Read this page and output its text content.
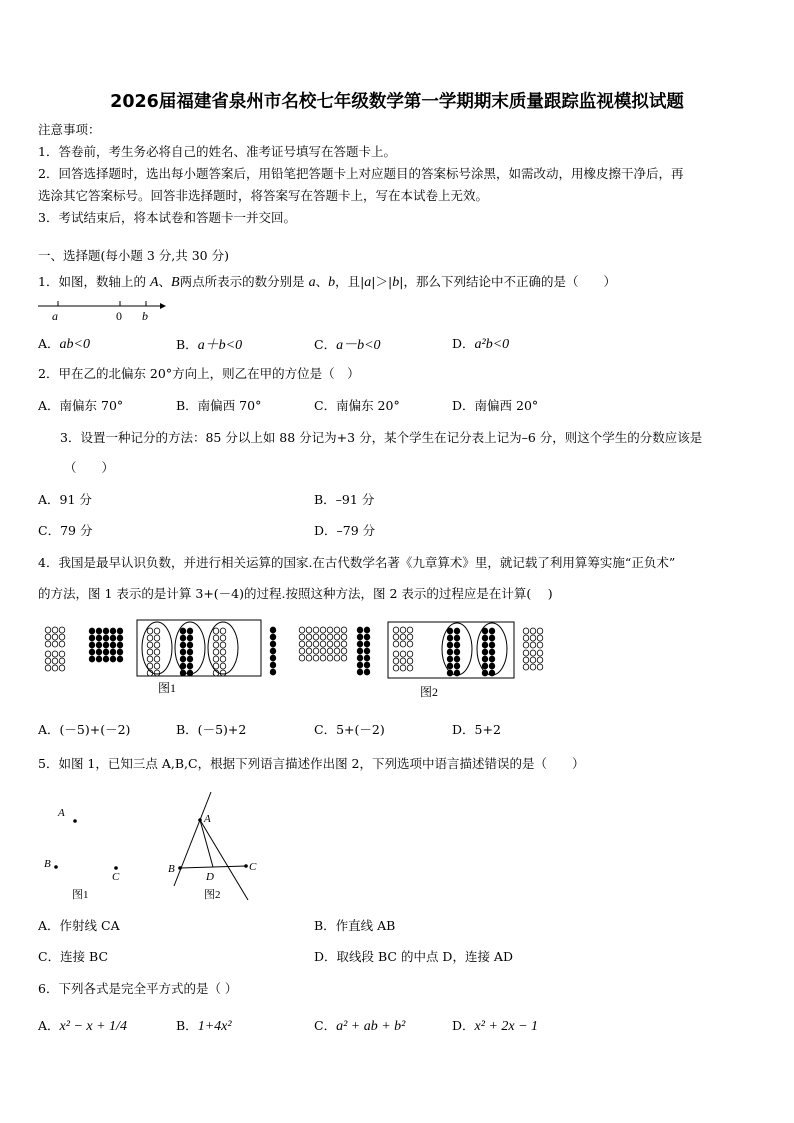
2026届福建省泉州市名校七年级数学第一学期期末质量跟踪监视模拟试题
注意事项：
1．答卷前，考生务必将自己的姓名、准考证号填写在答题卡上。
2．回答选择题时，选出每小题答案后，用铅笔把答题卡上对应题目的答案标号涂黑，如需改动，用橡皮擦干净后，再
选涂其它答案标号。回答非选择题时，将答案写在答题卡上，写在本试卷上无效。
3．考试结束后，将本试卷和答题卡一并交回。
一、选择题(每小题 3 分,共 30 分)
1．如图，数轴上的 A、B两点所表示的数分别是 a、b，且|a|＞|b|，那么下列结论中不正确的是（　　）
a	0 b
A．ab<0	B．a＋b<0	C．a－b<0	D．a²b<0
2．甲在乙的北偏东 20°方向上，则乙在甲的方位是（　）
A．南偏东 70°	B．南偏西 70°	C．南偏东 20°	D．南偏西 20°
3．设置一种记分的方法：85 分以上如 88 分记为+3 分，某个学生在记分表上记为–6 分，则这个学生的分数应该是
（　　）
A．91 分	B．–91 分
C．79 分	D．–79 分
4．我国是最早认识负数，并进行相关运算的国家.在古代数学名著《九章算术》里，就记载了利用算筹实施“正负术”
的方法，图 1 表示的是计算 3+(－4)的过程.按照这种方法，图 2 表示的过程应是在计算(　 )
图1	图2
A．(－5)+(－2)	B．(－5)+2	C．5+(－2)	D．5+2
5．如图 1，已知三点 A,B,C，根据下列语言描述作出图 2，下列选项中语言描述错误的是（　　）
A
B
C
图1
A
B	C
D
图2
A．作射线 CA	B．作直线 AB
C．连接 BC	D．取线段 BC 的中点 D，连接 AD
6．下列各式是完全平方式的是（ ）
A．x² − x + 1/4	B．1+4x²	C．a² + ab + b²	D．x² + 2x − 1
